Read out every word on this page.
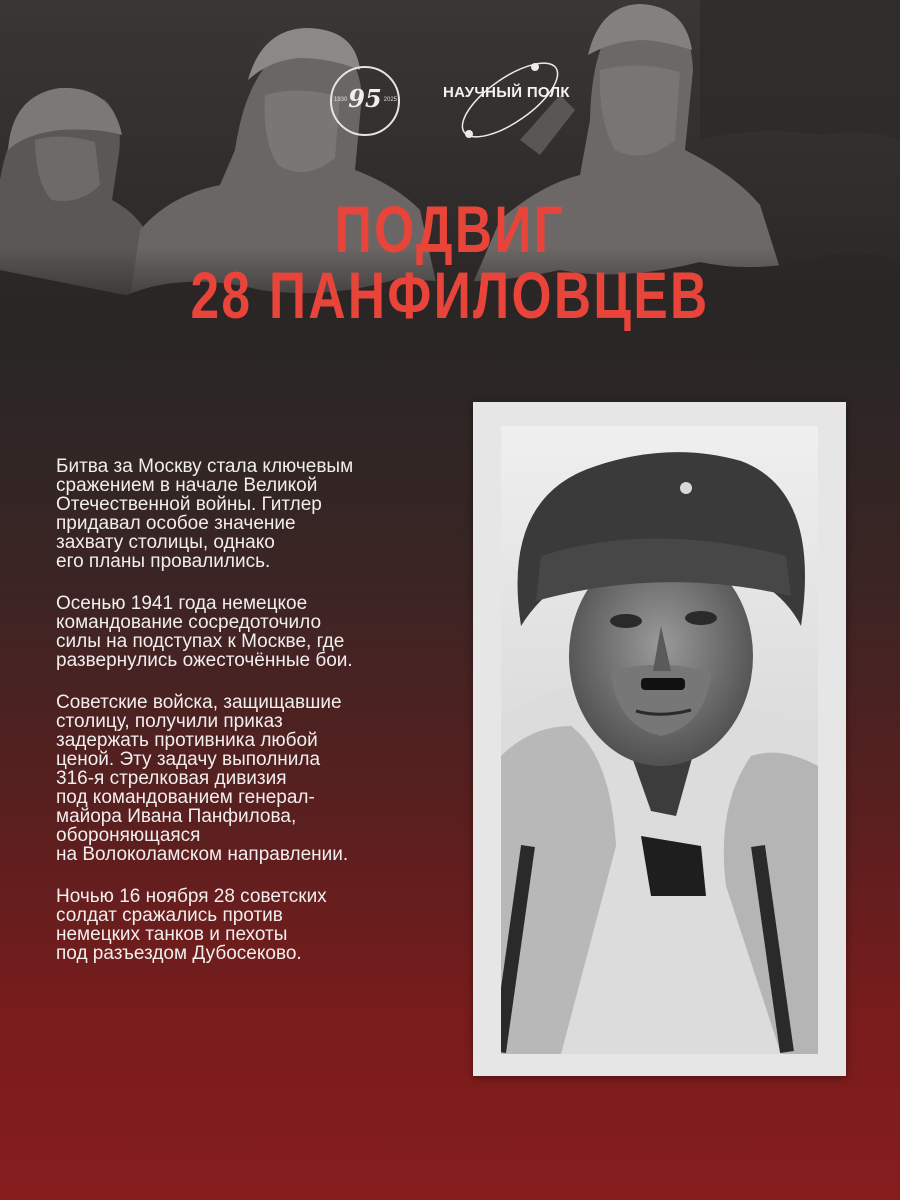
1930 95 2025	НАУЧНЫЙ ПОЛК
ПОДВИГ
28 ПАНФИЛОВЦЕВ

Битва за Москву стала ключевым
сражением в начале Великой
Отечественной войны. Гитлер
придавал особое значение
захвату столицы, однако
его планы провалились.

Осенью 1941 года немецкое
командование сосредоточило
силы на подступах к Москве, где
развернулись ожесточённые бои.

Советские войска, защищавшие
столицу, получили приказ
задержать противника любой
ценой. Эту задачу выполнила
316-я стрелковая дивизия
под командованием генерал-
майора Ивана Панфилова,
обороняющаяся
на Волоколамском направлении.

Ночью 16 ноября 28 советских
солдат сражались против
немецких танков и пехоты
под разъездом Дубосеково.
